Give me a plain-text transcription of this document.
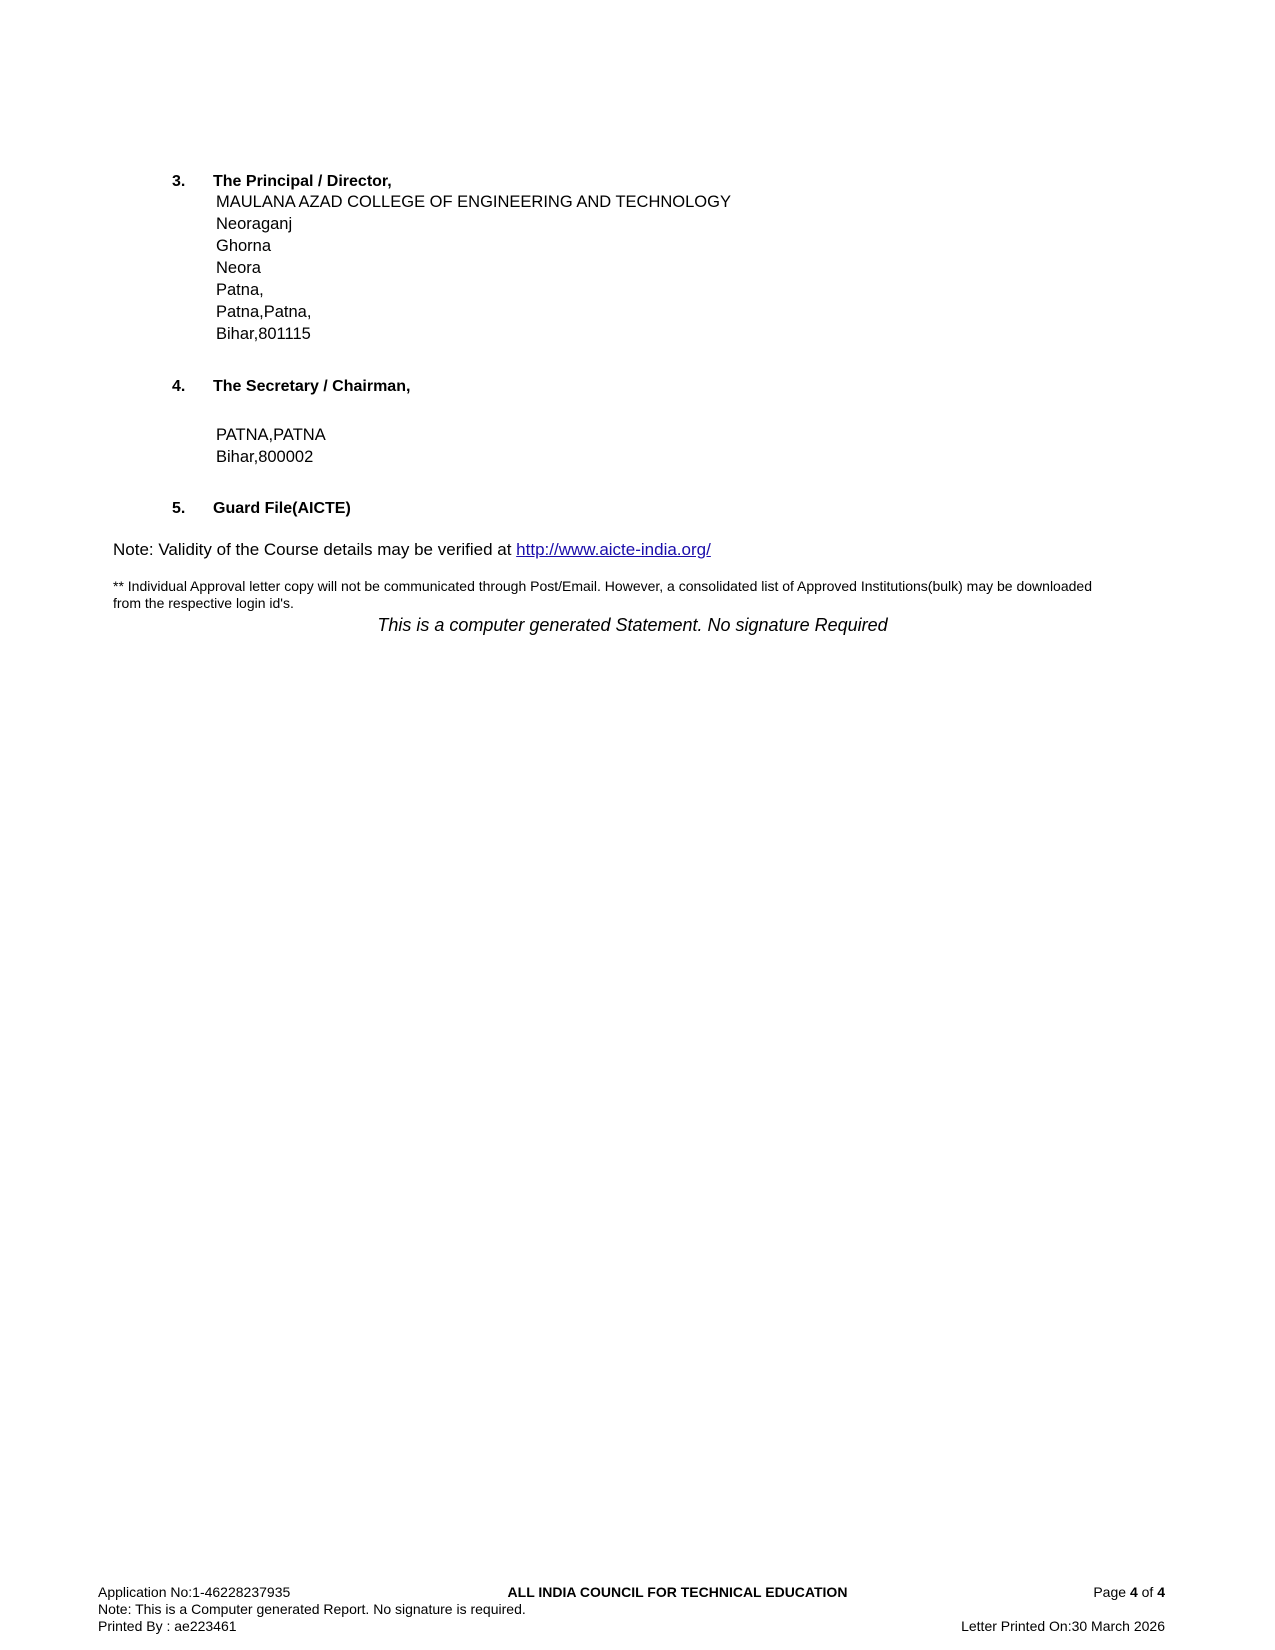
3. The Principal / Director,
MAULANA AZAD COLLEGE OF ENGINEERING AND TECHNOLOGY
Neoraganj
Ghorna
Neora
Patna,
Patna,Patna,
Bihar,801115
4. The Secretary / Chairman,
PATNA,PATNA
Bihar,800002
5. Guard File(AICTE)
Note: Validity of the Course details may be verified at http://www.aicte-india.org/
** Individual Approval letter copy will not be communicated through Post/Email. However, a consolidated list of Approved Institutions(bulk) may be downloaded
from the respective login id's.
This is a computer generated Statement. No signature Required
Application No:1-46228237935	ALL INDIA COUNCIL FOR TECHNICAL EDUCATION	Page 4 of 4
Note: This is a Computer generated Report. No signature is required.
Printed By : ae223461	Letter Printed On:30 March 2026
